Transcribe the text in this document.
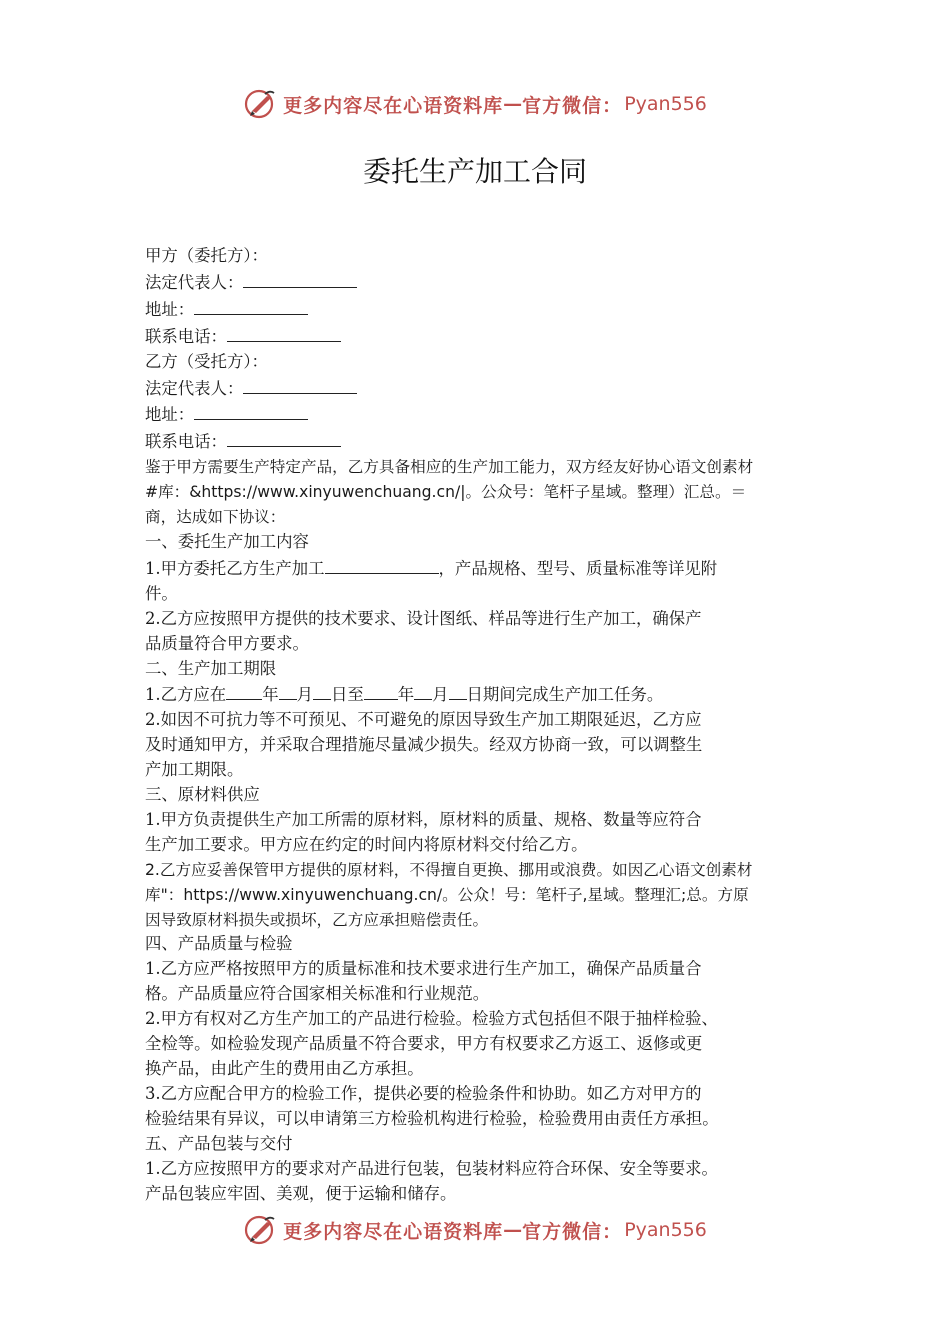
更多内容尽在心语资料库 — 官方微信： Pyan556
委托生产加工合同

甲方（委托方）：

法定代表人：

地址：

联系电话：

乙方（受托方）：

法定代表人：

地址：

联系电话：

鉴于甲方需要生产特定产品，乙方具备相应的生产加工能力，双方经友好协心语文创素材

#库：&https://www.xinyuwenchuang.cn/|。公众号：笔杆子星域。整理）汇总。＝

商，达成如下协议：

一、委托生产加工内容

1.甲方委托乙方生产加工	，产品规格、型号、质量标准等详见附

件。

2.乙方应按照甲方提供的技术要求、设计图纸、样品等进行生产加工，确保产

品质量符合甲方要求。

二、生产加工期限

1.乙方应在 年 月 日至 年 月 日期间完成生产加工任务。

2.如因不可抗力等不可预见、不可避免的原因导致生产加工期限延迟，乙方应

及时通知甲方，并采取合理措施尽量减少损失。经双方协商一致，可以调整生

产加工期限。

三、原材料供应

1.甲方负责提供生产加工所需的原材料，原材料的质量、规格、数量等应符合

生产加工要求。甲方应在约定的时间内将原材料交付给乙方。

2.乙方应妥善保管甲方提供的原材料，不得擅自更换、挪用或浪费。如因乙心语文创素材

库"：https://www.xinyuwenchuang.cn/。公众！号：笔杆子,星域。整理汇;总。方原

因导致原材料损失或损坏，乙方应承担赔偿责任。

四、产品质量与检验

1.乙方应严格按照甲方的质量标准和技术要求进行生产加工，确保产品质量合

格。产品质量应符合国家相关标准和行业规范。

2.甲方有权对乙方生产加工的产品进行检验。检验方式包括但不限于抽样检验、

全检等。如检验发现产品质量不符合要求，甲方有权要求乙方返工、返修或更

换产品，由此产生的费用由乙方承担。

3.乙方应配合甲方的检验工作，提供必要的检验条件和协助。如乙方对甲方的

检验结果有异议，可以申请第三方检验机构进行检验，检验费用由责任方承担。

五、产品包装与交付

1.乙方应按照甲方的要求对产品进行包装，包装材料应符合环保、安全等要求。

产品包装应牢固、美观，便于运输和储存。

更多内容尽在心语资料库 — 官方微信： Pyan556
